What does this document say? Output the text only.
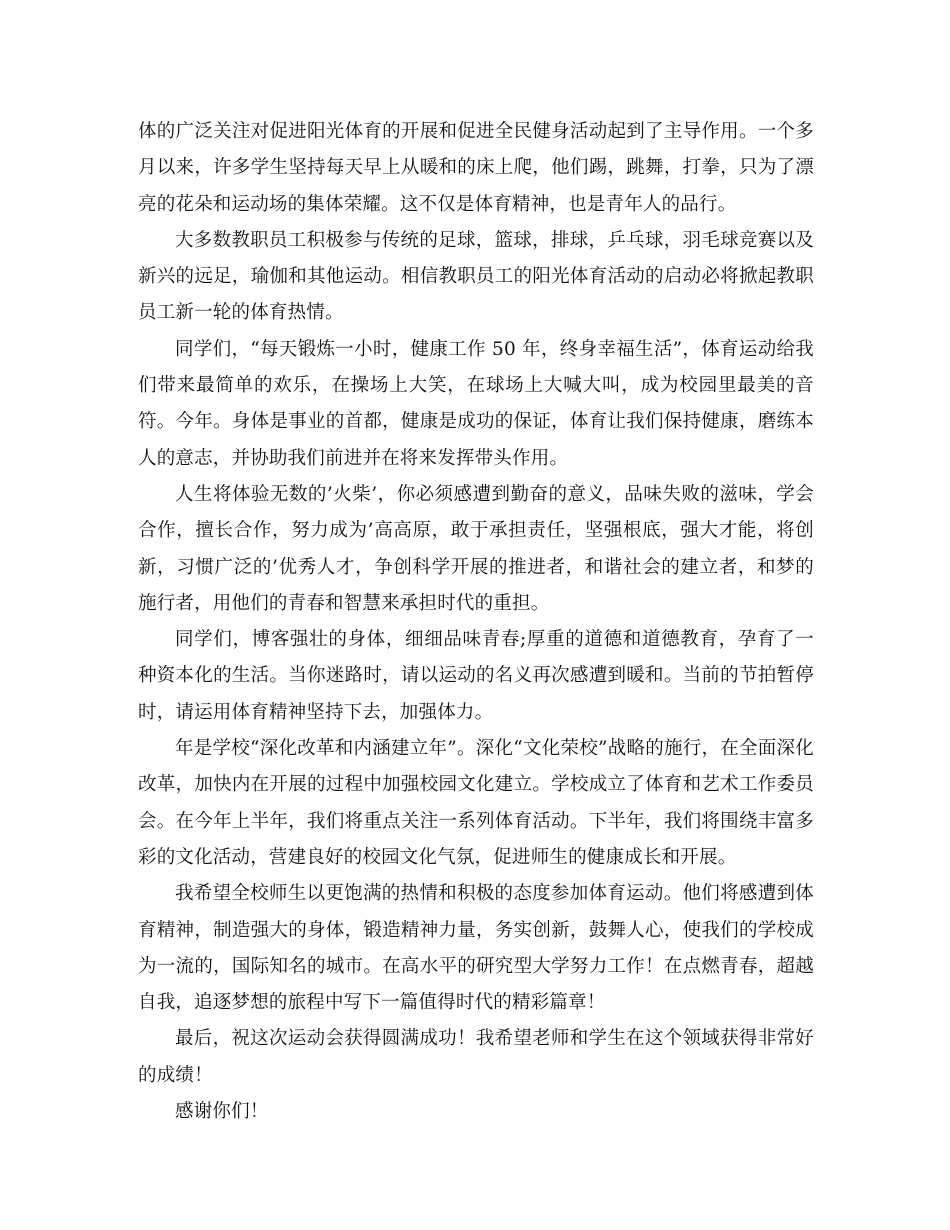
体的广泛关注对促进阳光体育的开展和促进全民健身活动起到了主导作用。一个多月以来，许多学生坚持每天早上从暖和的床上爬，他们踢，跳舞，打拳，只为了漂亮的花朵和运动场的集体荣耀。这不仅是体育精神，也是青年人的品行。

大多数教职员工积极参与传统的足球，篮球，排球，乒乓球，羽毛球竞赛以及新兴的远足，瑜伽和其他运动。相信教职员工的阳光体育活动的启动必将掀起教职员工新一轮的体育热情。

同学们，“每天锻炼一小时，健康工作 50 年，终身幸福生活”，体育运动给我们带来最简单的欢乐，在操场上大笑，在球场上大喊大叫，成为校园里最美的音符。今年。身体是事业的首都，健康是成功的保证，体育让我们保持健康，磨练本人的意志，并协助我们前进并在将来发挥带头作用。

人生将体验无数的’火柴’，你必须感遭到勤奋的意义，品味失败的滋味，学会合作，擅长合作，努力成为’高高原，敢于承担责任，坚强根底，强大才能，将创新，习惯广泛的’优秀人才，争创科学开展的推进者，和谐社会的建立者，和梦的施行者，用他们的青春和智慧来承担时代的重担。

同学们，博客强壮的身体，细细品味青春;厚重的道德和道德教育，孕育了一种资本化的生活。当你迷路时，请以运动的名义再次感遭到暖和。当前的节拍暂停时，请运用体育精神坚持下去，加强体力。

年是学校“深化改革和内涵建立年”。深化“文化荣校”战略的施行，在全面深化改革，加快内在开展的过程中加强校园文化建立。学校成立了体育和艺术工作委员会。在今年上半年，我们将重点关注一系列体育活动。下半年，我们将围绕丰富多彩的文化活动，营建良好的校园文化气氛，促进师生的健康成长和开展。

我希望全校师生以更饱满的热情和积极的态度参加体育运动。他们将感遭到体育精神，制造强大的身体，锻造精神力量，务实创新，鼓舞人心，使我们的学校成为一流的，国际知名的城市。在高水平的研究型大学努力工作！在点燃青春，超越自我，追逐梦想的旅程中写下一篇值得时代的精彩篇章！

最后，祝这次运动会获得圆满成功！我希望老师和学生在这个领域获得非常好的成绩！

感谢你们！
